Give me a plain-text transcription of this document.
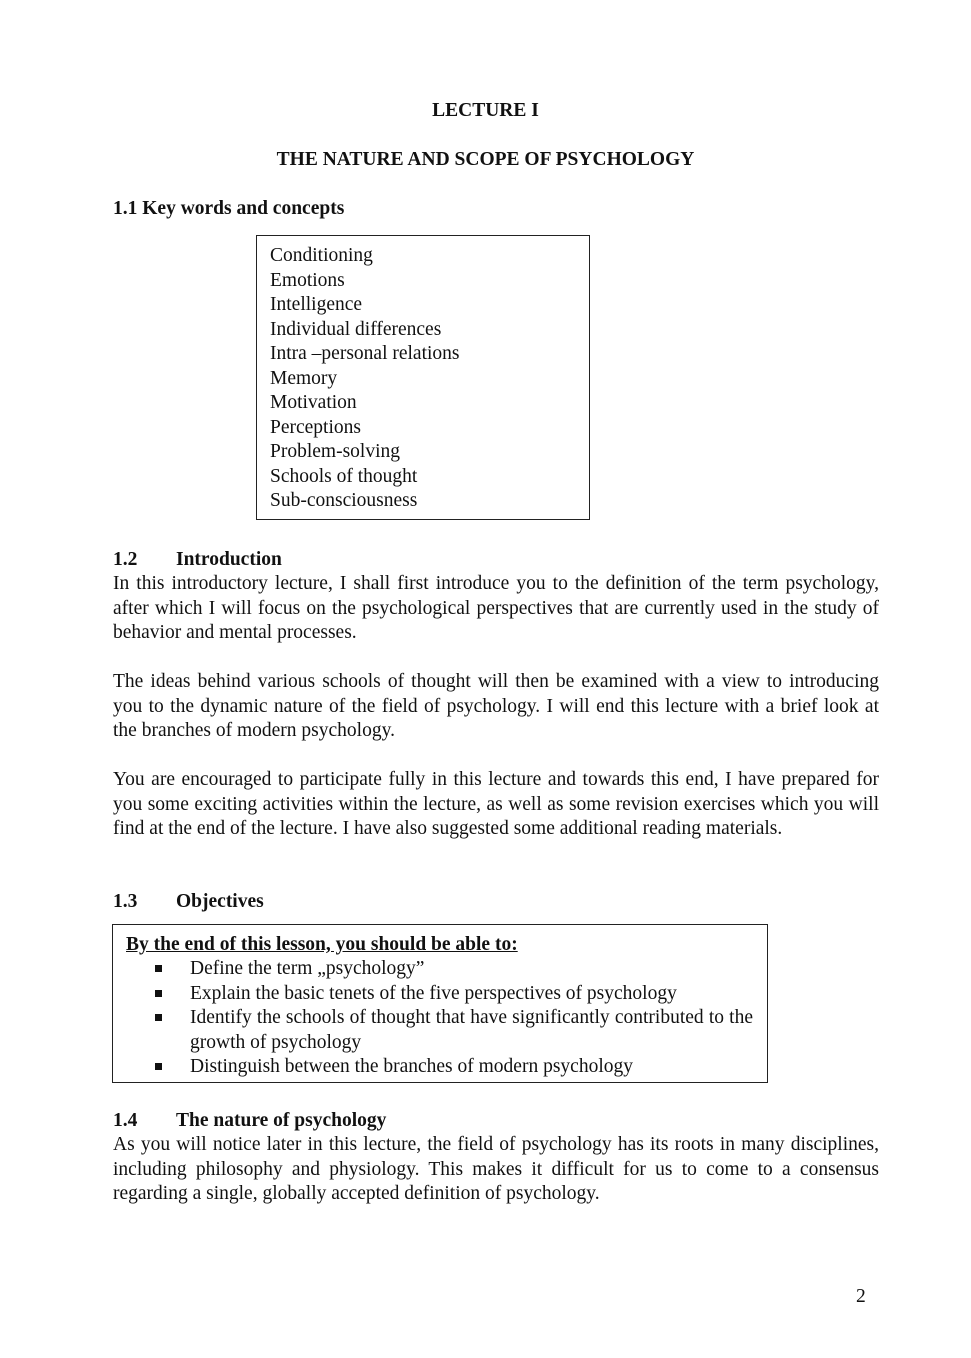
LECTURE I
THE NATURE AND SCOPE OF PSYCHOLOGY
1.1 Key words and concepts
Conditioning
Emotions
Intelligence
Individual differences
Intra –personal relations
Memory
Motivation
Perceptions
Problem-solving
Schools of thought
Sub-consciousness
1.2 Introduction
In this introductory lecture, I shall first introduce you to the definition of the term psychology, after which I will focus on the psychological perspectives that are currently used in the study of behavior and mental processes.
The ideas behind various schools of thought will then be examined with a view to introducing you to the dynamic nature of the field of psychology. I will end this lecture with a brief look at the branches of modern psychology.
You are encouraged to participate fully in this lecture and towards this end, I have prepared for you some exciting activities within the lecture, as well as some revision exercises which you will find at the end of the lecture. I have also suggested some additional reading materials.
1.3 Objectives
By the end of this lesson, you should be able to:
Define the term „psychology”
Explain the basic tenets of the five perspectives of psychology
Identify the schools of thought that have significantly contributed to the growth of psychology
Distinguish between the branches of modern psychology
1.4 The nature of psychology
As you will notice later in this lecture, the field of psychology has its roots in many disciplines, including philosophy and physiology. This makes it difficult for us to come to a consensus regarding a single, globally accepted definition of psychology.
2
